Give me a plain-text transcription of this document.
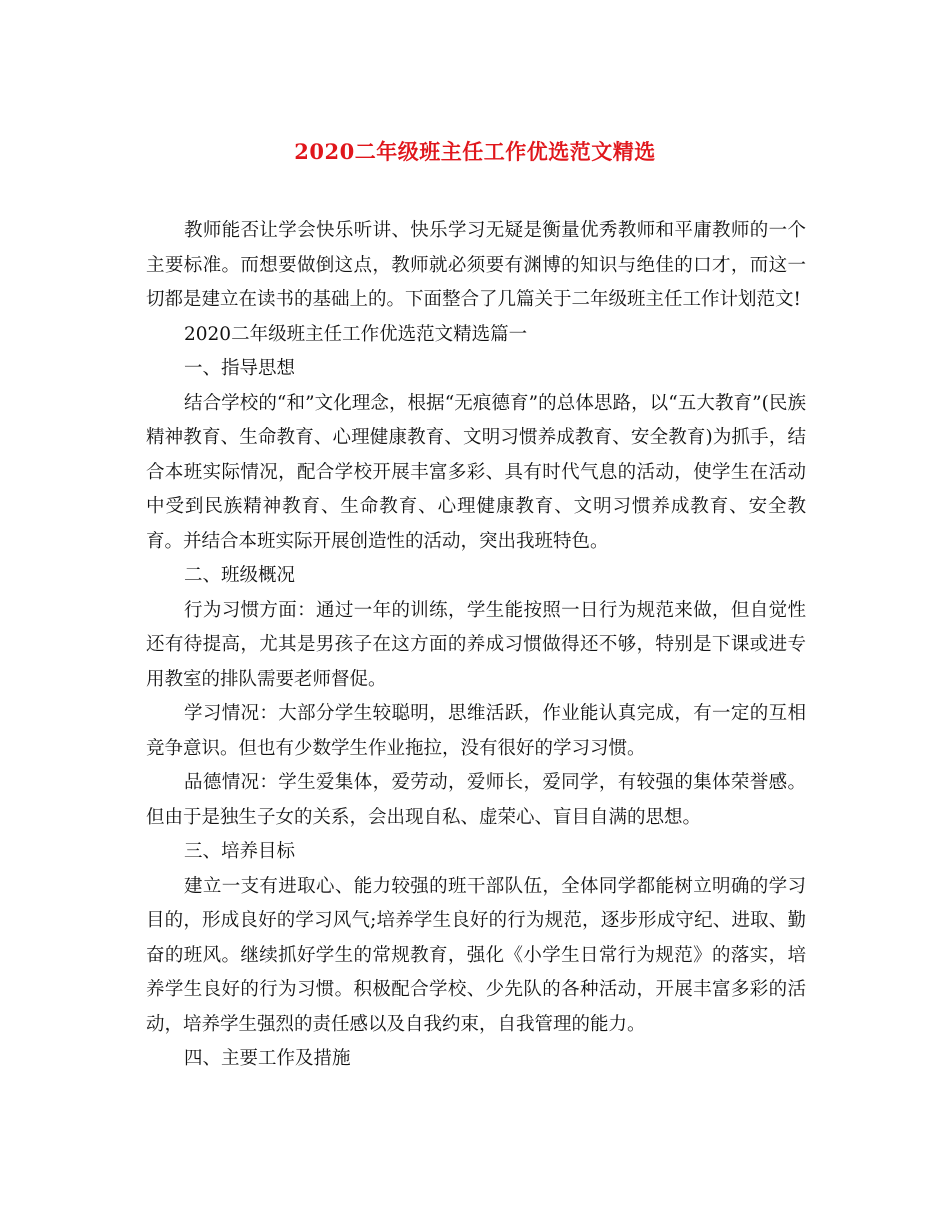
2020二年级班主任工作优选范文精选

教师能否让学会快乐听讲、快乐学习无疑是衡量优秀教师和平庸教师的一个主要标准。而想要做倒这点，教师就必须要有渊博的知识与绝佳的口才，而这一切都是建立在读书的基础上的。下面整合了几篇关于二年级班主任工作计划范文!

2020二年级班主任工作优选范文精选篇一

一、指导思想

结合学校的“和”文化理念，根据“无痕德育”的总体思路，以“五大教育”(民族精神教育、生命教育、心理健康教育、文明习惯养成教育、安全教育)为抓手，结合本班实际情况，配合学校开展丰富多彩、具有时代气息的活动，使学生在活动中受到民族精神教育、生命教育、心理健康教育、文明习惯养成教育、安全教育。并结合本班实际开展创造性的活动，突出我班特色。

二、班级概况

行为习惯方面：通过一年的训练，学生能按照一日行为规范来做，但自觉性还有待提高，尤其是男孩子在这方面的养成习惯做得还不够，特别是下课或进专用教室的排队需要老师督促。

学习情况：大部分学生较聪明，思维活跃，作业能认真完成，有一定的互相竞争意识。但也有少数学生作业拖拉，没有很好的学习习惯。

品德情况：学生爱集体，爱劳动，爱师长，爱同学，有较强的集体荣誉感。但由于是独生子女的关系，会出现自私、虚荣心、盲目自满的思想。

三、培养目标

建立一支有进取心、能力较强的班干部队伍，全体同学都能树立明确的学习目的，形成良好的学习风气;培养学生良好的行为规范，逐步形成守纪、进取、勤奋的班风。继续抓好学生的常规教育，强化《小学生日常行为规范》的落实，培养学生良好的行为习惯。积极配合学校、少先队的各种活动，开展丰富多彩的活动，培养学生强烈的责任感以及自我约束，自我管理的能力。

四、主要工作及措施
